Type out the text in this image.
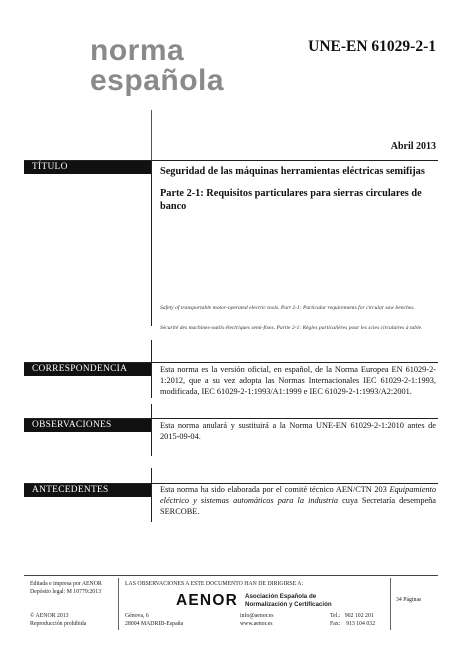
norma
española
UNE-EN 61029-2-1
Abril 2013
TÍTULO	Seguridad de las máquinas herramientas eléctricas semifijas
Parte 2-1: Requisitos particulares para sierras circulares de banco
Safety of transportable motor-operated electric tools. Part 2-1: Particular requirements for circular saw benches.
Sécurité des machines-outils électriques semi-fixes. Partie 2-1: Règles particulières pour les scies circulaires à table.
CORRESPONDENCIA	Esta norma es la versión oficial, en español, de la Norma Europea EN 61029-2-1:2012, que a su vez adopta las Normas Internacionales IEC 61029-2-1:1993, modificada, IEC 61029-2-1:1993/A1:1999 e IEC 61029-2-1:1993/A2:2001.
OBSERVACIONES	Esta norma anulará y sustituirá a la Norma UNE-EN 61029-2-1:2010 antes de 2015-09-04.
ANTECEDENTES	Esta norma ha sido elaborada por el comité técnico AEN/CTN 203 Equipamiento eléctrico y sistemas automáticos para la industria cuya Secretaría desempeña SERCOBE.
Editada e impresa por AENOR
Depósito legal: M 10779:2013
© AENOR 2013
Reproducción prohibida
LAS OBSERVACIONES A ESTE DOCUMENTO HAN DE DIRIGIRSE A:
AENOR Asociación Española de
Normalización y Certificación
Génova, 6
28004 MADRID-España
info@aenor.es
www.aenor.es
Tel.: 902 102 201
Fax: 913 104 032
34 Páginas
